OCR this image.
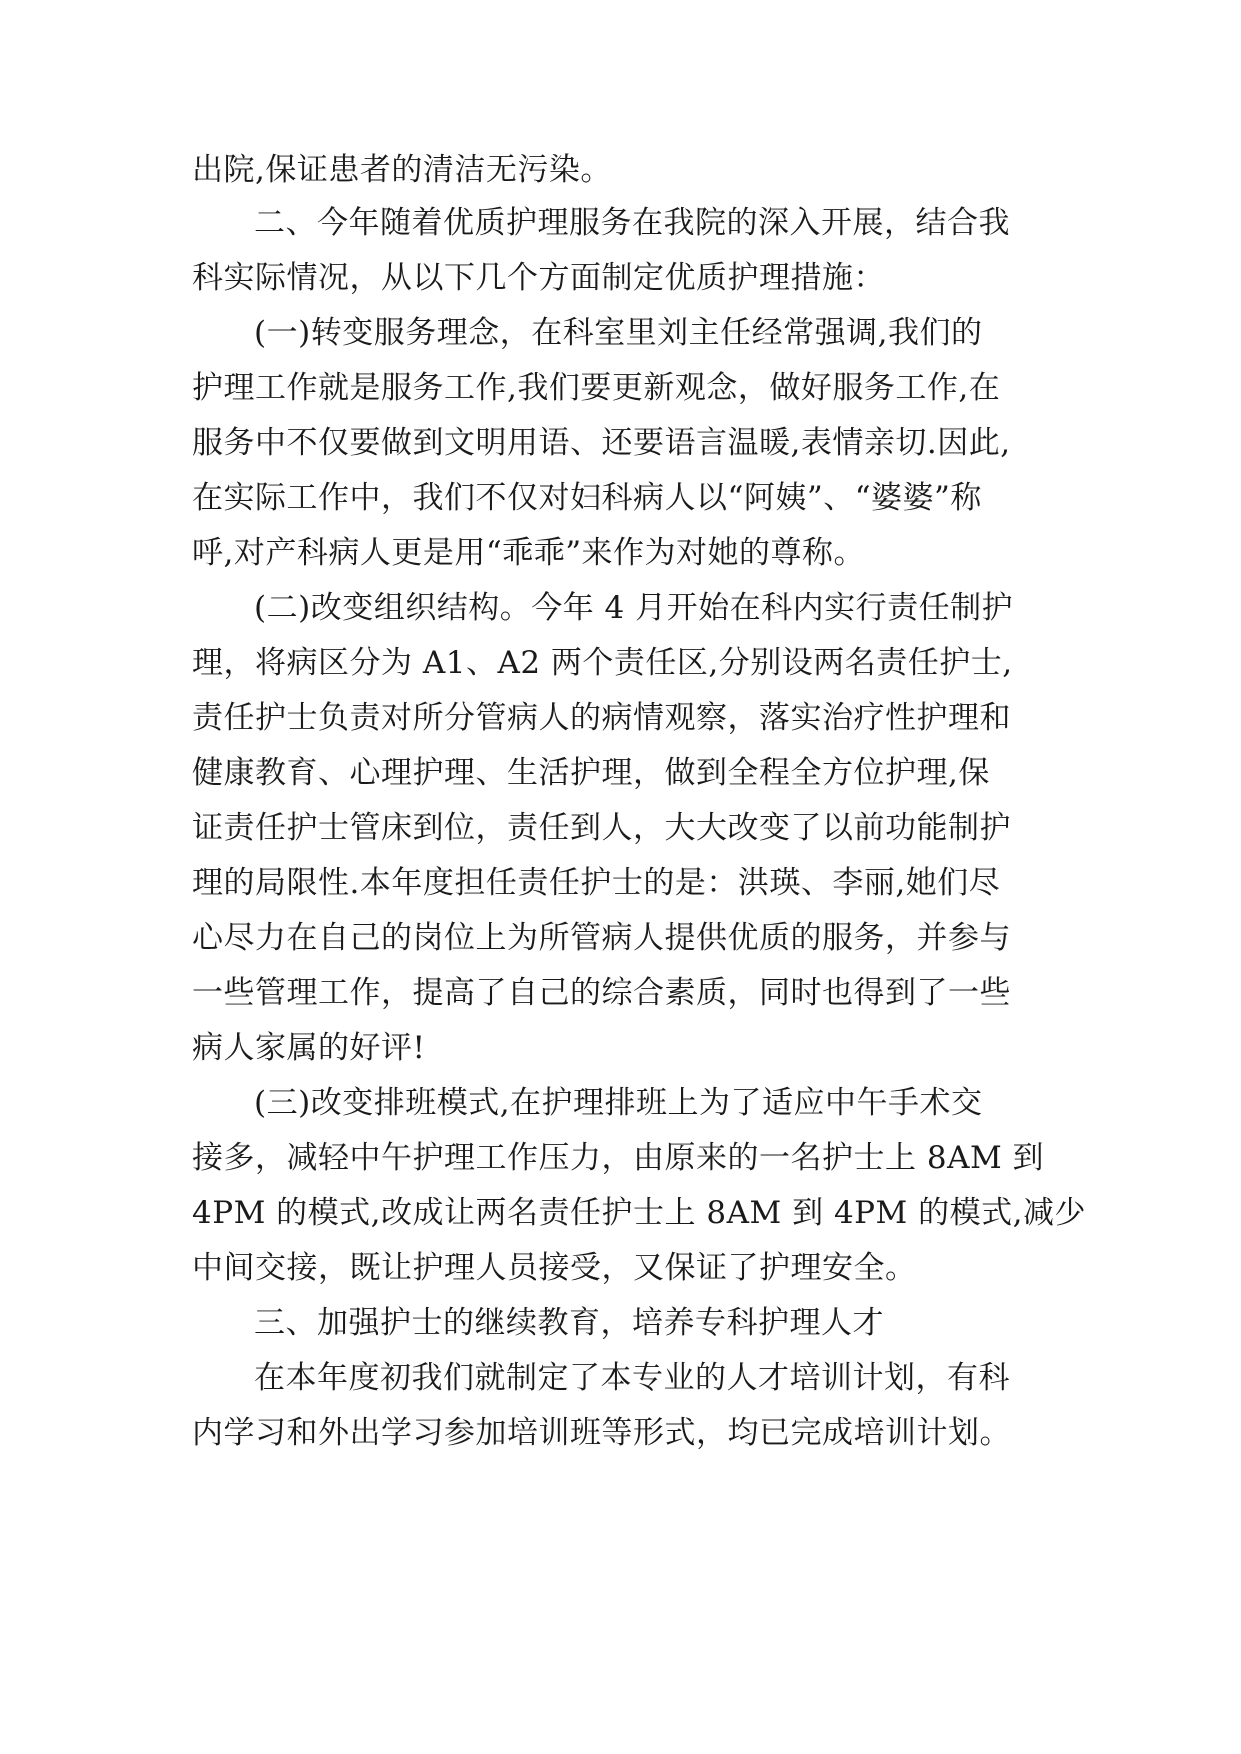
出院,保证患者的清洁无污染。
二、今年随着优质护理服务在我院的深入开展，结合我
科实际情况，从以下几个方面制定优质护理措施：
(一)转变服务理念，在科室里刘主任经常强调,我们的
护理工作就是服务工作,我们要更新观念，做好服务工作,在
服务中不仅要做到文明用语、还要语言温暖,表情亲切.因此,
在实际工作中，我们不仅对妇科病人以“阿姨”、“婆婆”称
呼,对产科病人更是用“乖乖”来作为对她的尊称。
(二)改变组织结构。今年 4 月开始在科内实行责任制护
理，将病区分为 A1、A2 两个责任区,分别设两名责任护士,
责任护士负责对所分管病人的病情观察，落实治疗性护理和
健康教育、心理护理、生活护理，做到全程全方位护理,保
证责任护士管床到位，责任到人，大大改变了以前功能制护
理的局限性.本年度担任责任护士的是：洪瑛、李丽,她们尽
心尽力在自己的岗位上为所管病人提供优质的服务，并参与
一些管理工作，提高了自己的综合素质，同时也得到了一些
病人家属的好评!
(三)改变排班模式,在护理排班上为了适应中午手术交
接多，减轻中午护理工作压力，由原来的一名护士上 8AM 到
4PM 的模式,改成让两名责任护士上 8AM 到 4PM 的模式,减少
中间交接，既让护理人员接受，又保证了护理安全。
三、加强护士的继续教育，培养专科护理人才
在本年度初我们就制定了本专业的人才培训计划，有科
内学习和外出学习参加培训班等形式，均已完成培训计划。
